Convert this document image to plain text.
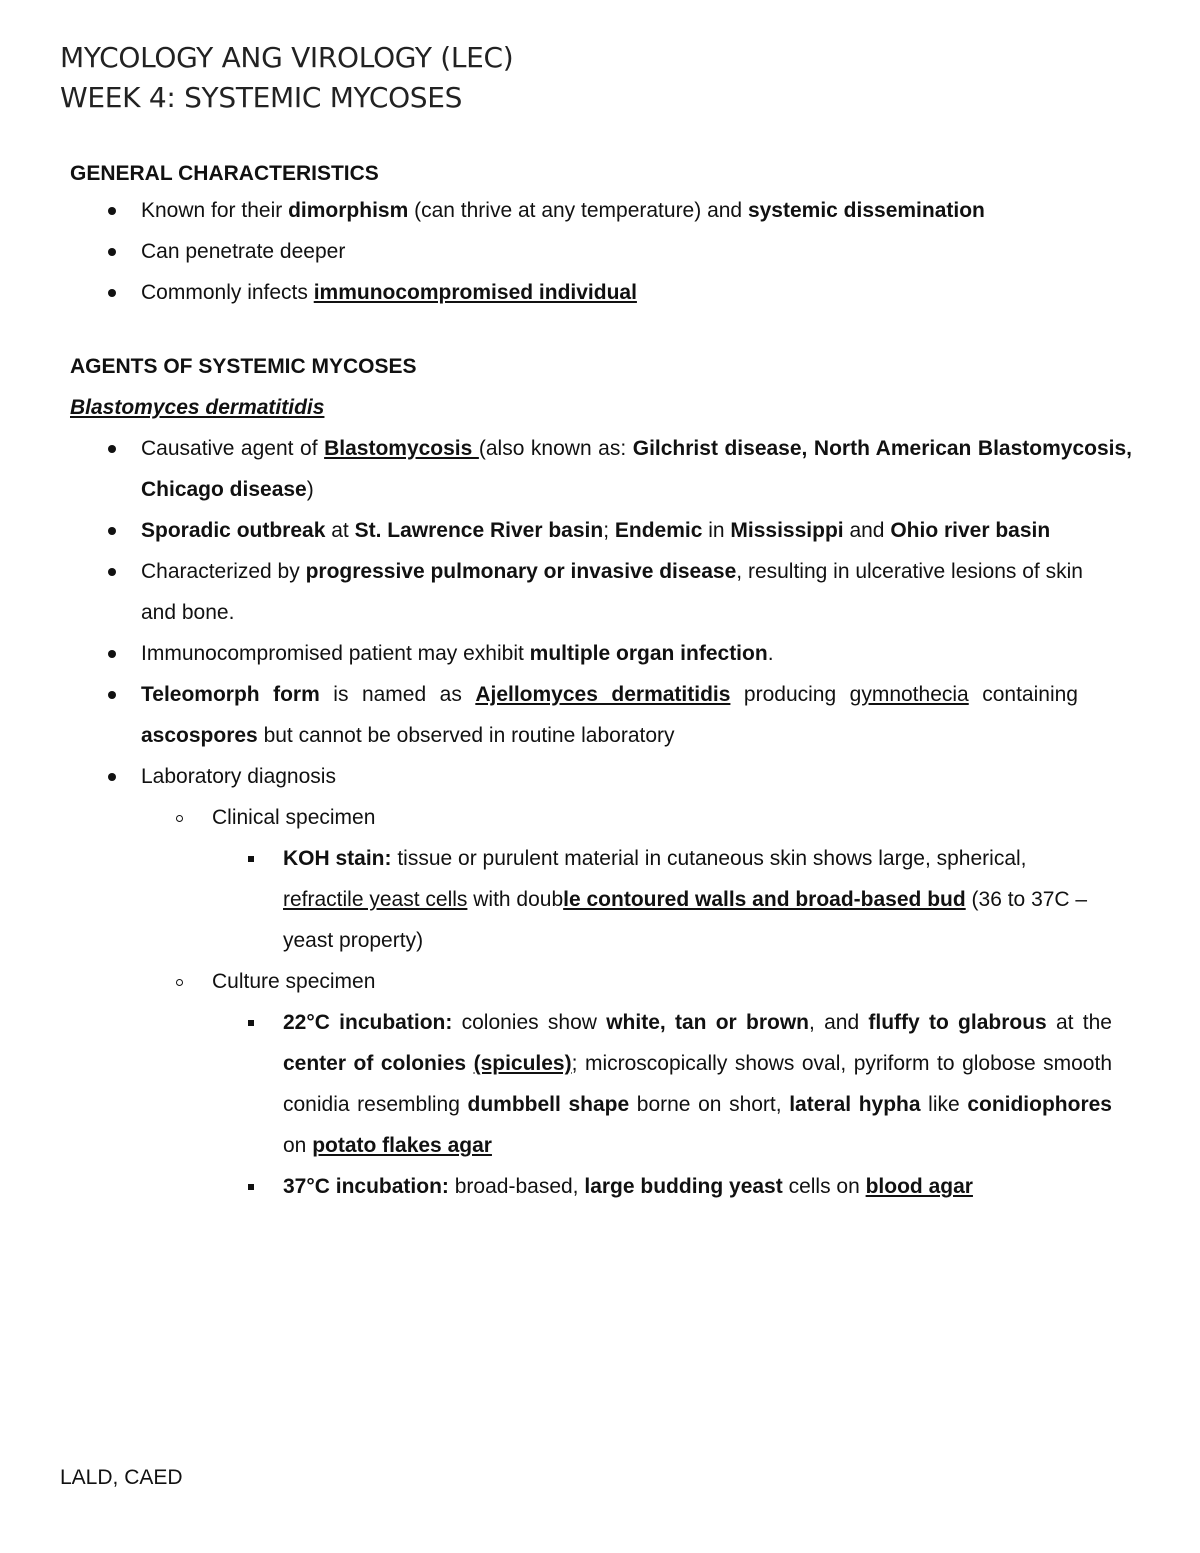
MYCOLOGY ANG VIROLOGY (LEC)
WEEK 4: SYSTEMIC MYCOSES

GENERAL CHARACTERISTICS

Known for their dimorphism (can thrive at any temperature) and systemic dissemination
Can penetrate deeper
Commonly infects immunocompromised individual

AGENTS OF SYSTEMIC MYCOSES

Blastomyces dermatitidis

Causative agent of Blastomycosis (also known as: Gilchrist disease, North American Blastomycosis, Chicago disease)
Sporadic outbreak at St. Lawrence River basin; Endemic in Mississippi and Ohio river basin
Characterized by progressive pulmonary or invasive disease, resulting in ulcerative lesions of skin and bone.
Immunocompromised patient may exhibit multiple organ infection.
Teleomorph form is named as Ajellomyces dermatitidis producing gymnothecia containing ascospores but cannot be observed in routine laboratory
Laboratory diagnosis
Clinical specimen
KOH stain: tissue or purulent material in cutaneous skin shows large, spherical, refractile yeast cells with double contoured walls and broad-based bud (36 to 37C – yeast property)
Culture specimen
22°C incubation: colonies show white, tan or brown, and fluffy to glabrous at the center of colonies (spicules); microscopically shows oval, pyriform to globose smooth conidia resembling dumbbell shape borne on short, lateral hypha like conidiophores on potato flakes agar
37°C incubation: broad-based, large budding yeast cells on blood agar
LALD, CAED
